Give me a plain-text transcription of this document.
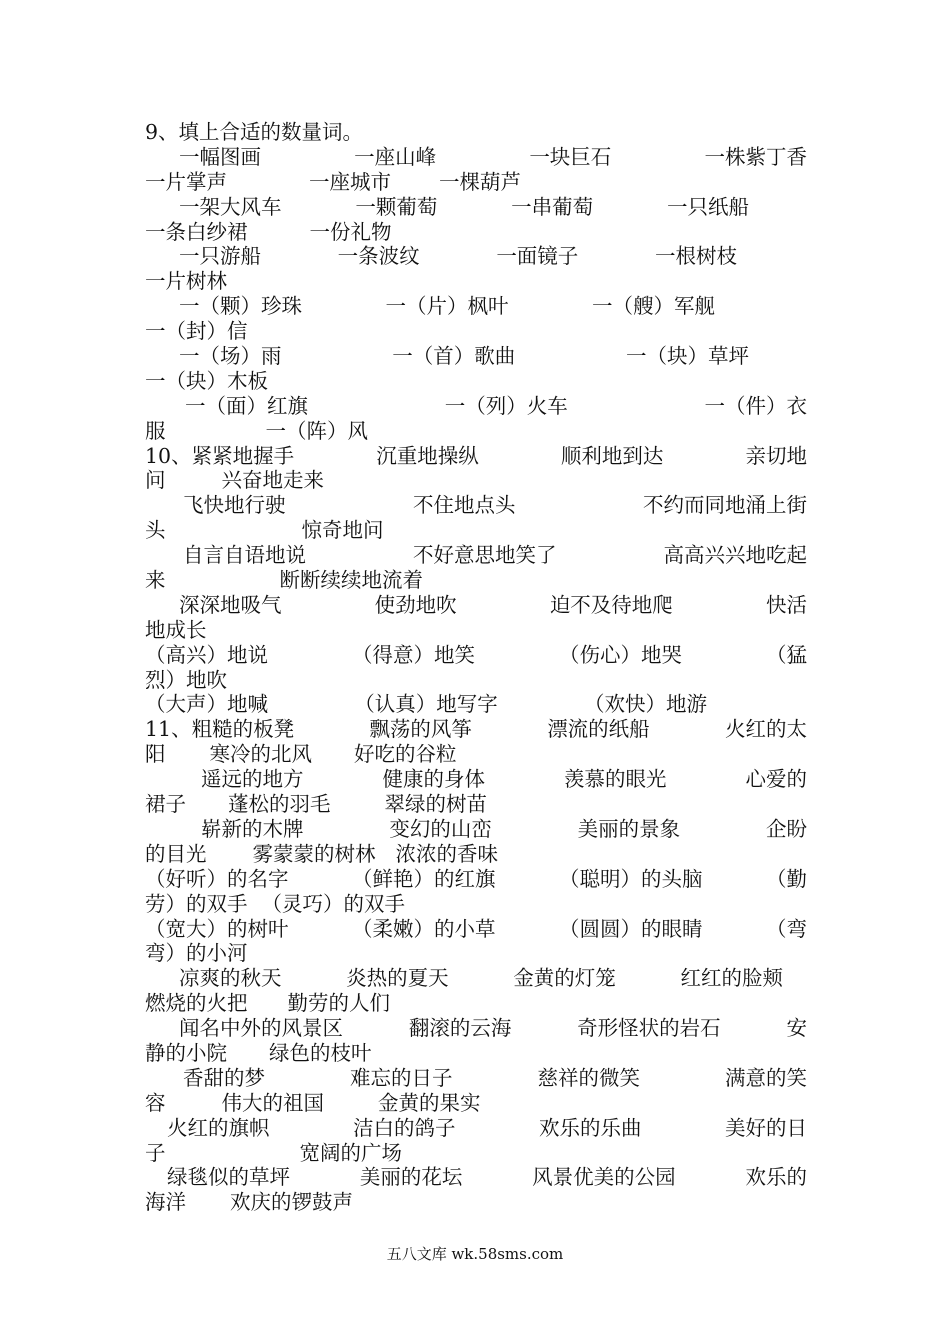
9、填上合适的数量词。
一幅图画	一座山峰	一块巨石	一株紫丁香
一片掌声	一座城市 一棵葫芦
一架大风车	一颗葡萄	一串葡萄	一只纸船
一条白纱裙	一份礼物
一只游船	一条波纹	一面镜子	一根树枝
一片树林
一（颗）珍珠	一（片）枫叶	一（艘）军舰
一（封）信
一（场）雨	一（首）歌曲	一（块）草坪
一（块）木板
一（面）红旗	一（列）火车	一（件）衣
服	一（阵）风
10、紧紧地握手	沉重地操纵	顺利地到达	亲切地
问	兴奋地走来
飞快地行驶	不住地点头	不约而同地涌上街
头	惊奇地问
自言自语地说	不好意思地笑了	高高兴兴地吃起
来	断断续续地流着
深深地吸气	使劲地吹	迫不及待地爬	快活
地成长
（高兴）地说	（得意）地笑	（伤心）地哭	（猛
烈）地吹
（大声）地喊	（认真）地写字	（欢快）地游
11、粗糙的板凳	飘荡的风筝	漂流的纸船	火红的太
阳 寒冷的北风 好吃的谷粒
遥远的地方	健康的身体	羡慕的眼光	心爱的
裙子 蓬松的羽毛	翠绿的树苗
崭新的木牌	变幻的山峦	美丽的景象	企盼
的目光 雾蒙蒙的树林 浓浓的香味
（好听）的名字	（鲜艳）的红旗	（聪明）的头脑	（勤
劳）的双手 （灵巧）的双手
（宽大）的树叶	（柔嫩）的小草	（圆圆）的眼睛	（弯
弯）的小河
凉爽的秋天	炎热的夏天	金黄的灯笼	红红的脸颊
燃烧的火把 勤劳的人们
闻名中外的风景区	翻滚的云海	奇形怪状的岩石	安
静的小院 绿色的枝叶
香甜的梦	难忘的日子	慈祥的微笑	满意的笑
容	伟大的祖国	金黄的果实
火红的旗帜	洁白的鸽子	欢乐的乐曲	美好的日
子	宽阔的广场
绿毯似的草坪	美丽的花坛	风景优美的公园	欢乐的
海洋 欢庆的锣鼓声
五八文库 wk.58sms.com
